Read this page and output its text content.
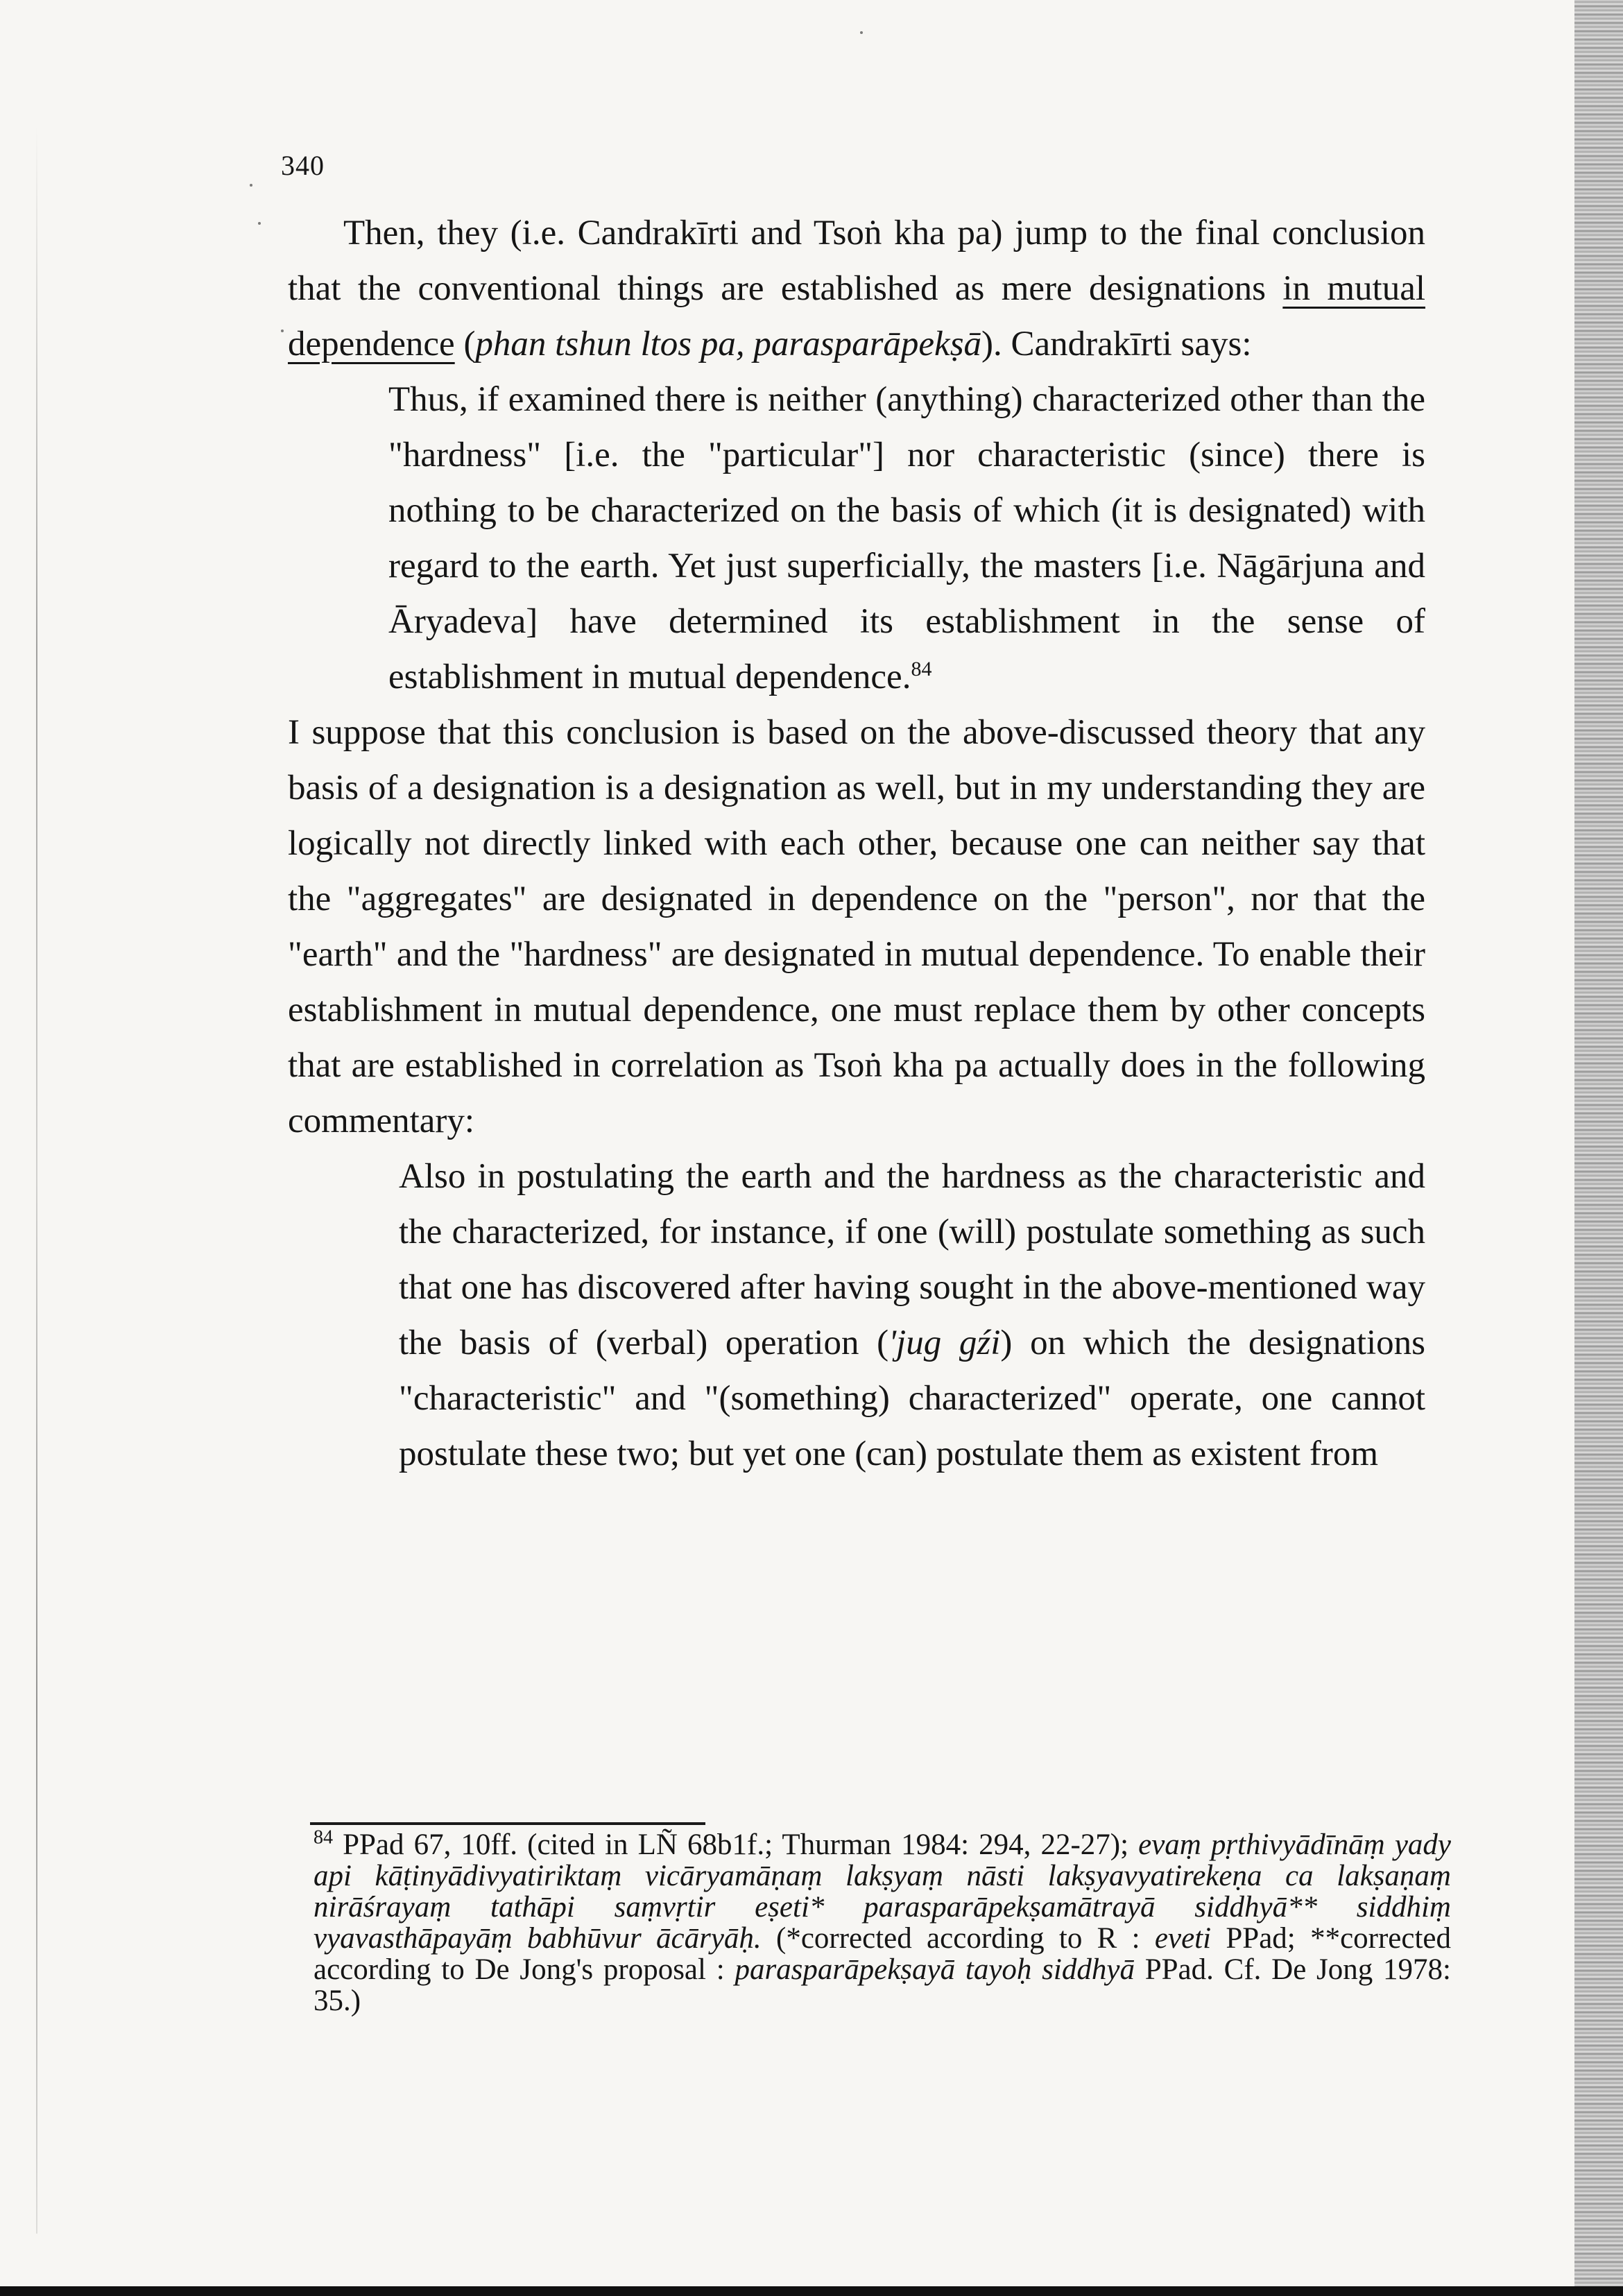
340

Then, they (i.e. Candrakīrti and Tsoṅ kha pa) jump to the final conclusion that the conventional things are established as mere designations in mutual dependence (phan tshun ltos pa, parasparāpekṣā). Candrakīrti says:

Thus, if examined there is neither (anything) characterized other than the "hardness" [i.e. the "particular"] nor characteristic (since) there is nothing to be characterized on the basis of which (it is designated) with regard to the earth. Yet just superficially, the masters [i.e. Nāgārjuna and Āryadeva] have determined its establishment in the sense of establishment in mutual dependence.$^{84}$

I suppose that this conclusion is based on the above-discussed theory that any basis of a designation is a designation as well, but in my understanding they are logically not directly linked with each other, because one can neither say that the "aggregates" are designated in dependence on the "person", nor that the "earth" and the "hardness" are designated in mutual dependence. To enable their establishment in mutual dependence, one must replace them by other concepts that are established in correlation as Tsoṅ kha pa actually does in the following commentary:

Also in postulating the earth and the hardness as the characteristic and the characterized, for instance, if one (will) postulate something as such that one has discovered after having sought in the above-mentioned way the basis of (verbal) operation ('jug gźi) on which the designations "characteristic" and "(something) characterized" operate, one cannot postulate these two; but yet one (can) postulate them as existent from

$^{84}$ PPad 67, 10ff. (cited in LÑ 68b1f.; Thurman 1984: 294, 22-27); evaṃ pṛthivyādīnāṃ yady api kāṭinyādivyatiriktaṃ vicāryamāṇaṃ lakṣyaṃ nāsti lakṣyavyatirekeṇa ca lakṣaṇaṃ nirāśrayaṃ tathāpi saṃvṛtir eṣeti* parasparāpekṣamātrayā siddhyā** siddhiṃ vyavasthāpayāṃ babhūvur ācāryāḥ. (*corrected according to R : eveti PPad; **corrected according to De Jong's proposal : parasparāpekṣayā tayoḥ siddhyā PPad. Cf. De Jong 1978: 35.)
